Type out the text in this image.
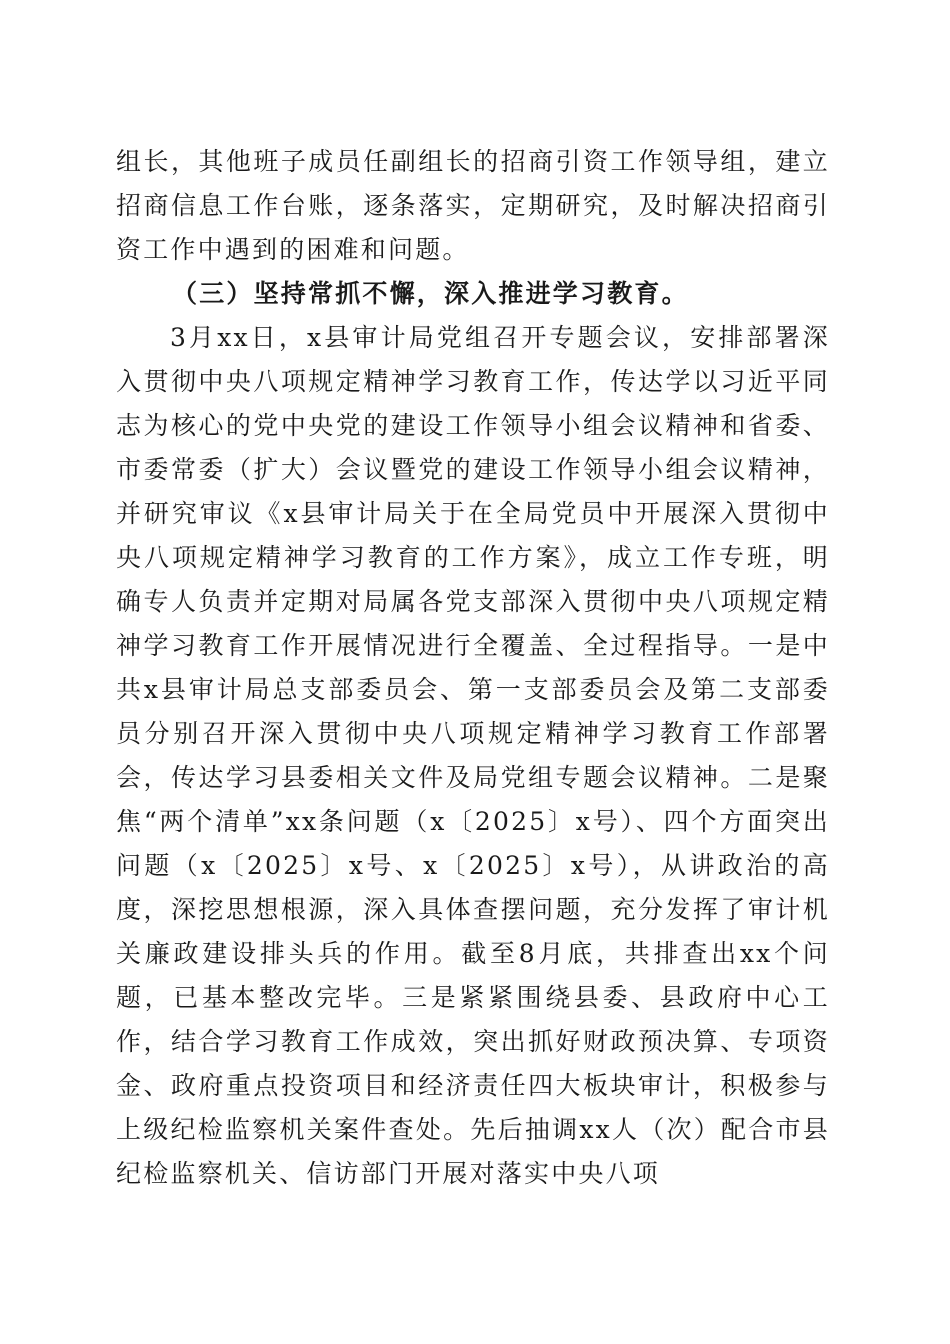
组长，其他班子成员任副组长的招商引资工作领导组，建立招商信息工作台账，逐条落实，定期研究，及时解决招商引资工作中遇到的困难和问题。

（三）坚持常抓不懈，深入推进学习教育。

3月xx日，x县审计局党组召开专题会议，安排部署深入贯彻中央八项规定精神学习教育工作，传达学以习近平同志为核心的党中央党的建设工作领导小组会议精神和省委、市委常委（扩大）会议暨党的建设工作领导小组会议精神，并研究审议《x县审计局关于在全局党员中开展深入贯彻中央八项规定精神学习教育的工作方案》，成立工作专班，明确专人负责并定期对局属各党支部深入贯彻中央八项规定精神学习教育工作开展情况进行全覆盖、全过程指导。一是中共x县审计局总支部委员会、第一支部委员会及第二支部委员分别召开深入贯彻中央八项规定精神学习教育工作部署会，传达学习县委相关文件及局党组专题会议精神。二是聚焦“两个清单”xx条问题（x〔2025〕x号）、四个方面突出问题（x〔2025〕x号、x〔2025〕x号），从讲政治的高度，深挖思想根源，深入具体查摆问题，充分发挥了审计机关廉政建设排头兵的作用。截至8月底，共排查出xx个问题，已基本整改完毕。三是紧紧围绕县委、县政府中心工作，结合学习教育工作成效，突出抓好财政预决算、专项资金、政府重点投资项目和经济责任四大板块审计，积极参与上级纪检监察机关案件查处。先后抽调xx人（次）配合市县纪检监察机关、信访部门开展对落实中央八项
